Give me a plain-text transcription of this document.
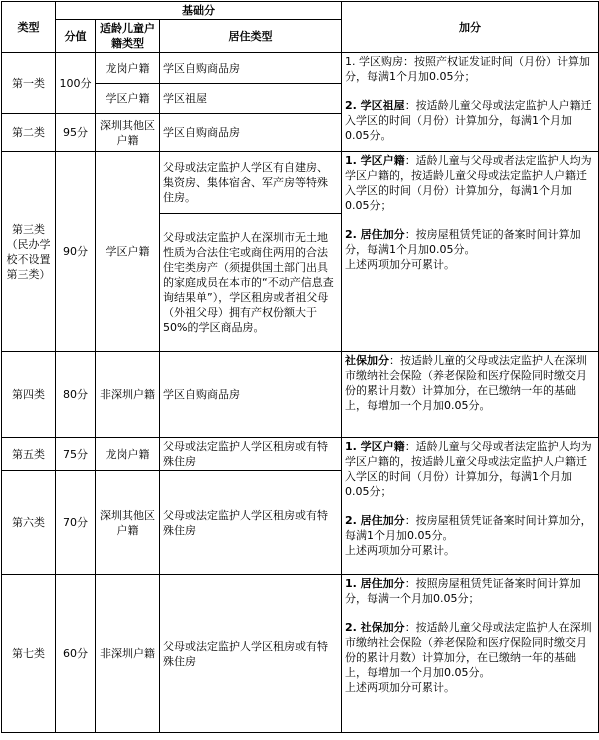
类型	基础分			加分
	分值	适龄儿童户籍类型	居住类型	
第一类	100分	龙岗户籍	学区自购商品房	1. 学区购房：按照产权证发证时间（月份）计算加分，每满1个月加0.05分；

2. 学区祖屋：按适龄儿童父母或法定监护人户籍迁入学区的时间（月份）计算加分，每满1个月加0.05分。

		学区户籍	学区祖屋	
第二类	95分	深圳其他区户籍	学区自购商品房	
第三类（民办学校不设置第三类）	90分	学区户籍	父母或法定监护人学区有自建房、集资房、集体宿舍、军产房等特殊住房。	1. 学区户籍：适龄儿童与父母或者法定监护人均为学区户籍的，按适龄儿童父母或法定监护人户籍迁入学区的时间（月份）计算加分，每满1个月加0.05分；

2. 居住加分：按房屋租赁凭证的备案时间计算加分，每满1个月加0.05分。

上述两项加分可累计。

			父母或法定监护人在深圳市无土地性质为合法住宅或商住两用的合法住宅类房产（须提供国土部门出具的家庭成员在本市的“不动产信息查询结果单”），学区租房或者祖父母（外祖父母）拥有产权份额大于50%的学区商品房。	
第四类	80分	非深圳户籍	学区自购商品房	社保加分：按适龄儿童的父母或法定监护人在深圳市缴纳社会保险（养老保险和医疗保险同时缴交月份的累计月数）计算加分，在已缴纳一年的基础上，每增加一个月加0.05分。

第五类	75分	龙岗户籍	父母或法定监护人学区租房或有特殊住房	1. 学区户籍：适龄儿童与父母或者法定监护人均为学区户籍的，按适龄儿童父母或法定监护人户籍迁入学区的时间（月份）计算加分，每满1个月加0.05分；

2. 居住加分：按房屋租赁凭证备案时间计算加分，每满1个月加0.05分。

上述两项加分可累计。

第六类	70分	深圳其他区户籍	父母或法定监护人学区租房或有特殊住房	
第七类	60分	非深圳户籍	父母或法定监护人学区租房或有特殊住房	1. 居住加分：按照房屋租赁凭证备案时间计算加分，每满一个月加0.05分；

2. 社保加分：按适龄儿童父母或法定监护人在深圳市缴纳社会保险（养老保险和医疗保险同时缴交月份的累计月数）计算加分，在已缴纳一年的基础上，每增加一个月加0.05分。

上述两项加分可累计。
